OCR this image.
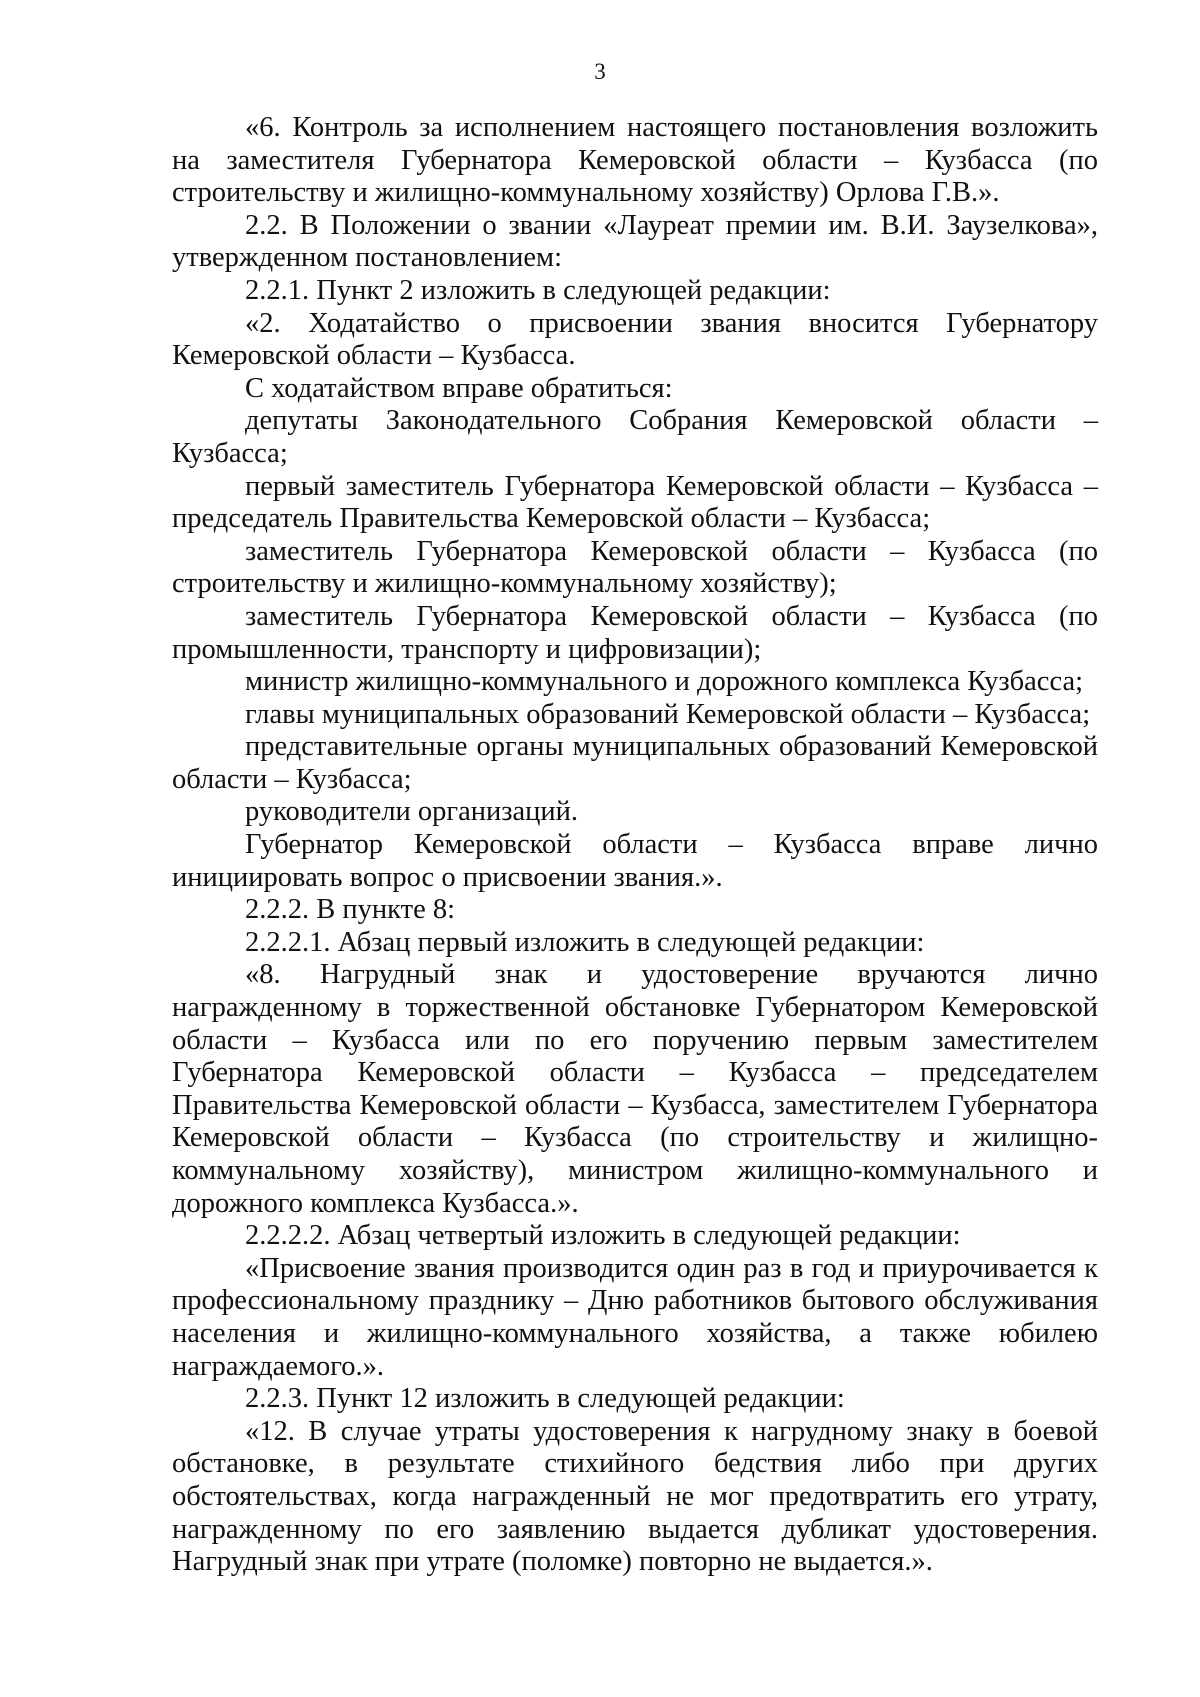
3

«6. Контроль за исполнением настоящего постановления возложить на заместителя Губернатора Кемеровской области – Кузбасса (по строительству и жилищно-коммунальному хозяйству) Орлова Г.В.».

2.2. В Положении о звании «Лауреат премии им. В.И. Заузелкова», утвержденном постановлением:

2.2.1. Пункт 2 изложить в следующей редакции:

«2. Ходатайство о присвоении звания вносится Губернатору Кемеровской области – Кузбасса.

С ходатайством вправе обратиться:

депутаты Законодательного Собрания Кемеровской области – Кузбасса;

первый заместитель Губернатора Кемеровской области – Кузбасса – председатель Правительства Кемеровской области – Кузбасса;

заместитель Губернатора Кемеровской области – Кузбасса (по строительству и жилищно-коммунальному хозяйству);

заместитель Губернатора Кемеровской области – Кузбасса (по промышленности, транспорту и цифровизации);

министр жилищно-коммунального и дорожного комплекса Кузбасса;

главы муниципальных образований Кемеровской области – Кузбасса;

представительные органы муниципальных образований Кемеровской области – Кузбасса;

руководители организаций.

Губернатор Кемеровской области – Кузбасса вправе лично инициировать вопрос о присвоении звания.».

2.2.2. В пункте 8:

2.2.2.1. Абзац первый изложить в следующей редакции:

«8. Нагрудный знак и удостоверение вручаются лично награжденному в торжественной обстановке Губернатором Кемеровской области – Кузбасса или по его поручению первым заместителем Губернатора Кемеровской области – Кузбасса – председателем Правительства Кемеровской области – Кузбасса, заместителем Губернатора Кемеровской области – Кузбасса (по строительству и жилищно-коммунальному хозяйству), министром жилищно-коммунального и дорожного комплекса Кузбасса.».

2.2.2.2. Абзац четвертый изложить в следующей редакции:

«Присвоение звания производится один раз в год и приурочивается к профессиональному празднику – Дню работников бытового обслуживания населения и жилищно-коммунального хозяйства, а также юбилею награждаемого.».

2.2.3. Пункт 12 изложить в следующей редакции:

«12. В случае утраты удостоверения к нагрудному знаку в боевой обстановке, в результате стихийного бедствия либо при других обстоятельствах, когда награжденный не мог предотвратить его утрату, награжденному по его заявлению выдается дубликат удостоверения. Нагрудный знак при утрате (поломке) повторно не выдается.».
